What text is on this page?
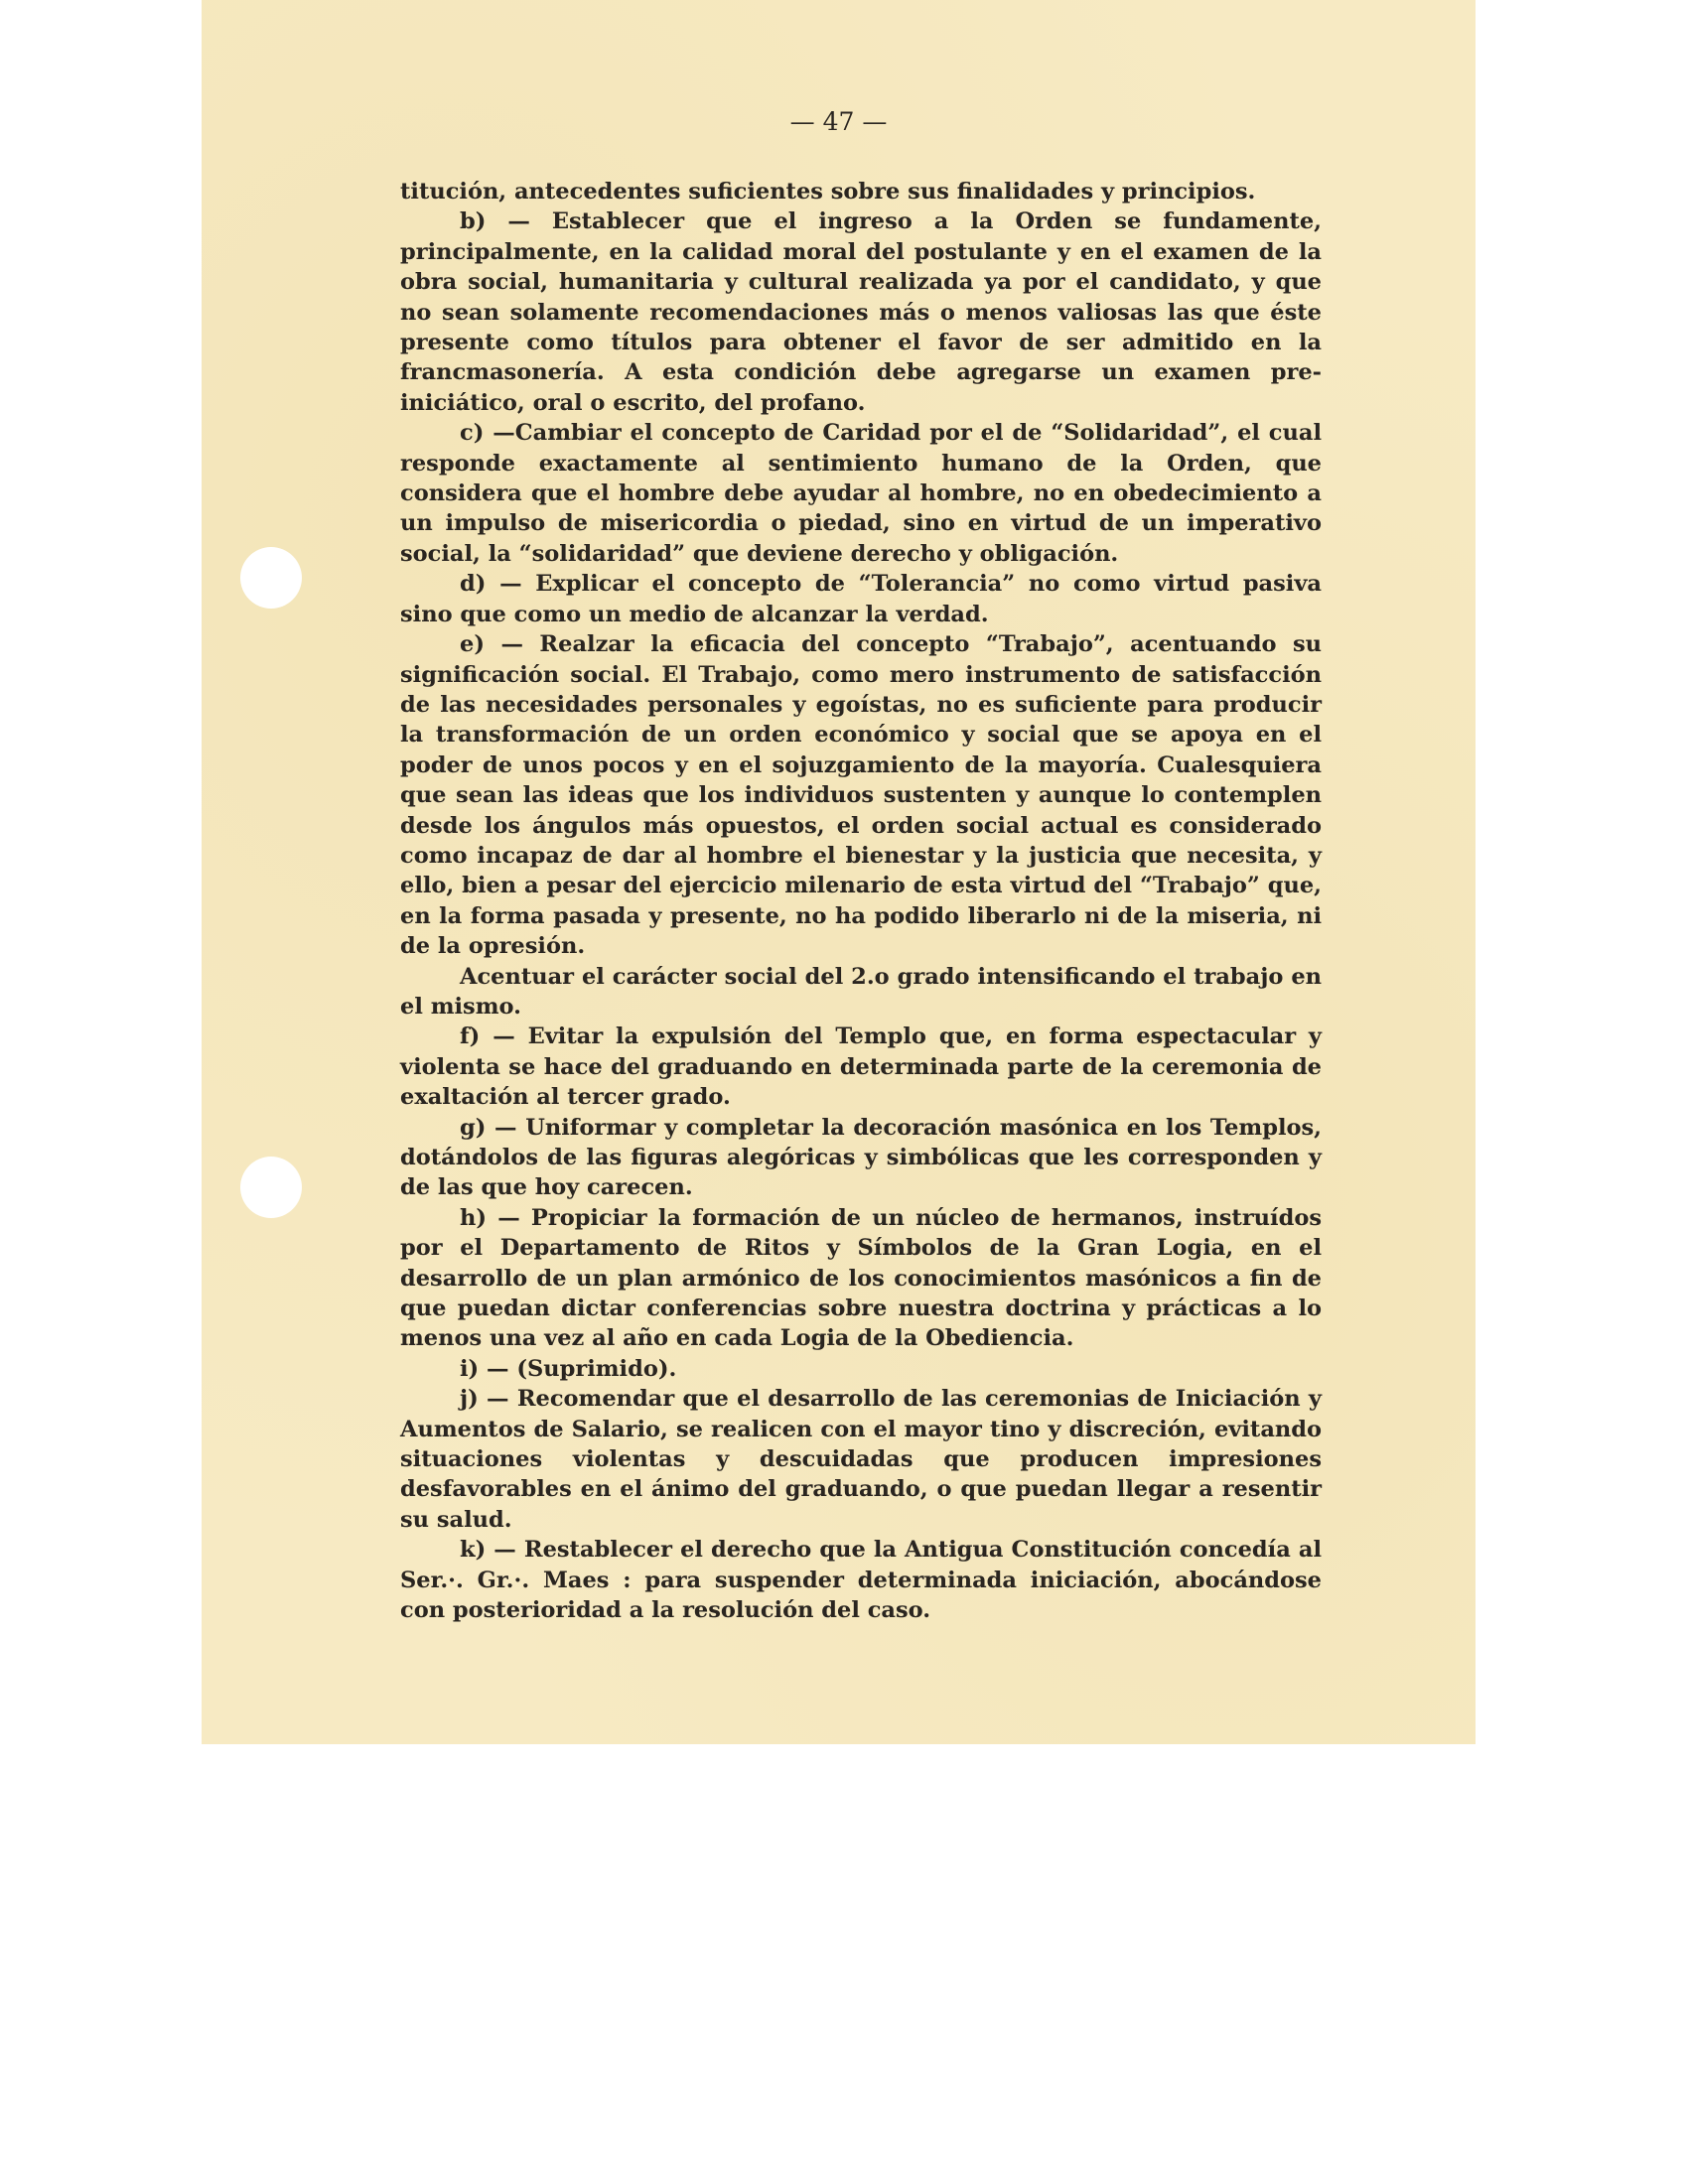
— 47 —

titución, antecedentes suficientes sobre sus finalidades y principios.

b) — Establecer que el ingreso a la Orden se fundamente, principalmente, en la calidad moral del postulante y en el examen de la obra social, humanitaria y cultural realizada ya por el candidato, y que no sean solamente recomendaciones más o menos valiosas las que éste presente como títulos para obtener el favor de ser admitido en la francmasonería. A esta condición debe agregarse un examen pre-iniciático, oral o escrito, del profano.

c) —Cambiar el concepto de Caridad por el de “Solidaridad”, el cual responde exactamente al sentimiento humano de la Orden, que considera que el hombre debe ayudar al hombre, no en obedecimiento a un impulso de misericordia o piedad, sino en virtud de un imperativo social, la “solidaridad” que deviene derecho y obligación.

d) — Explicar el concepto de “Tolerancia” no como virtud pasiva sino que como un medio de alcanzar la verdad.

e) — Realzar la eficacia del concepto “Trabajo”, acentuando su significación social. El Trabajo, como mero instrumento de satisfacción de las necesidades personales y egoístas, no es suficiente para producir la transformación de un orden económico y social que se apoya en el poder de unos pocos y en el sojuzgamiento de la mayoría. Cualesquiera que sean las ideas que los individuos sustenten y aunque lo contemplen desde los ángulos más opuestos, el orden social actual es considerado como incapaz de dar al hombre el bienestar y la justicia que necesita, y ello, bien a pesar del ejercicio milenario de esta virtud del “Trabajo” que, en la forma pasada y presente, no ha podido liberarlo ni de la miseria, ni de la opresión.

Acentuar el carácter social del 2.o grado intensificando el trabajo en el mismo.

f) — Evitar la expulsión del Templo que, en forma espectacular y violenta se hace del graduando en determinada parte de la ceremonia de exaltación al tercer grado.

g) — Uniformar y completar la decoración masónica en los Templos, dotándolos de las figuras alegóricas y simbólicas que les corresponden y de las que hoy carecen.

h) — Propiciar la formación de un núcleo de hermanos, instruídos por el Departamento de Ritos y Símbolos de la Gran Logia, en el desarrollo de un plan armónico de los conocimientos masónicos a fin de que puedan dictar conferencias sobre nuestra doctrina y prácticas a lo menos una vez al año en cada Logia de la Obediencia.

i) — (Suprimido).

j) — Recomendar que el desarrollo de las ceremonias de Iniciación y Aumentos de Salario, se realicen con el mayor tino y discreción, evitando situaciones violentas y descuidadas que producen impresiones desfavorables en el ánimo del graduando, o que puedan llegar a resentir su salud.

k) — Restablecer el derecho que la Antigua Constitución concedía al Ser.·. Gr.·. Maes : para suspender determinada iniciación, abocándose con posterioridad a la resolución del caso.
